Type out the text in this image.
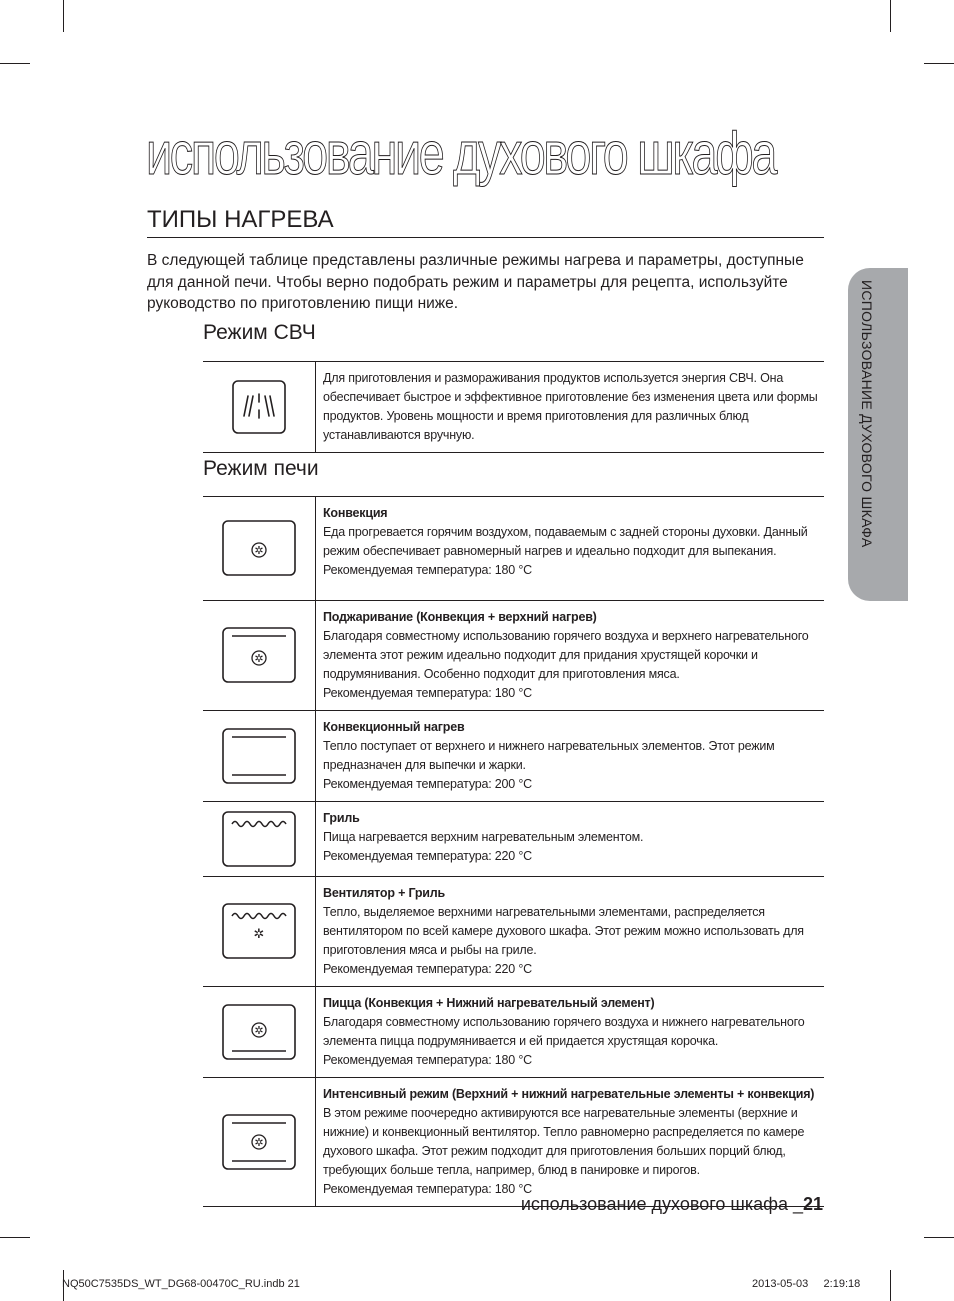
использование духового шкафа
ТИПЫ НАГРЕВА

В следующей таблице представлены различные режимы нагрева и параметры, доступные для данной печи. Чтобы верно подобрать режим и параметры для рецепта, используйте руководство по приготовлению пищи ниже.

Режим СВЧ

Для приготовления и размораживания продуктов используется энергия СВЧ. Она обеспечивает быстрое и эффективное приготовление без изменения цвета или формы продуктов. Уровень мощности и время приготовления для различных блюд устанавливаются вручную.
Режим печи
✲	Конвекция
Еда прогревается горячим воздухом, подаваемым с задней стороны духовки. Данный режим обеспечивает равномерный нагрев и идеально подходит для выпекания.
Рекомендуемая температура: 180 °C

✲	Поджаривание (Конвекция + верхний нагрев)
Благодаря совместному использованию горячего воздуха и верхнего нагревательного элемента этот режим идеально подходит для придания хрустящей корочки и подрумянивания. Особенно подходит для приготовления мяса.
Рекомендуемая температура: 180 °C

Конвекционный нагрев
Тепло поступает от верхнего и нижнего нагревательных элементов. Этот режим предназначен для выпечки и жарки.
Рекомендуемая температура: 200 °C

Гриль
Пища нагревается верхним нагревательным элементом.
Рекомендуемая температура: 220 °C

✲	Вентилятор + Гриль
Тепло, выделяемое верхними нагревательными элементами, распределяется вентилятором по всей камере духового шкафа. Этот режим можно использовать для приготовления мяса и рыбы на гриле.
Рекомендуемая температура: 220 °C

✲	Пицца (Конвекция + Нижний нагревательный элемент)
Благодаря совместному использованию горячего воздуха и нижнего нагревательного элемента пицца подрумянивается и ей придается хрустящая корочка.
Рекомендуемая температура: 180 °C

✲	Интенсивный режим (Верхний + нижний нагревательные элементы + конвекция)
В этом режиме поочередно активируются все нагревательные элементы (верхние и нижние) и конвекционный вентилятор. Тепло равномерно распределяется по камере духового шкафа. Этот режим подходит для приготовления больших порций блюд, требующих больше тепла, например, блюд в панировке и пирогов.
Рекомендуемая температура: 180 °C
ИСПОЛЬЗОВАНИЕ ДУХОВОГО ШКАФА

использование духового шкафа _21

NQ50C7535DS_WT_DG68-00470C_RU.indb 21	2013-05-03     2:19:18
